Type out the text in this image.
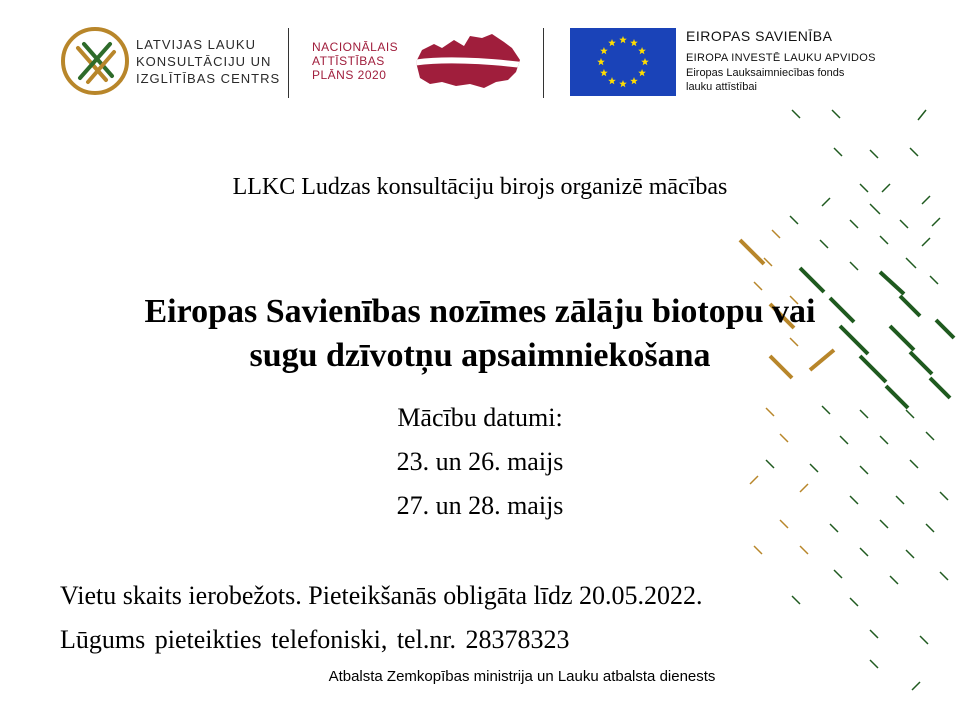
LATVIJAS LAUKU
KONSULTĀCIJU UN
IZGLĪTĪBAS CENTRS
NACIONĀLAIS
ATTĪSTĪBAS
PLĀNS 2020
EIROPAS SAVIENĪBA
EIROPA INVESTĒ LAUKU APVIDOS
Eiropas Lauksaimniecības fonds
lauku attīstībai
LLKC Ludzas konsultāciju birojs organizē mācības
Eiropas Savienības nozīmes zālāju biotopu vai
sugu dzīvotņu apsaimniekošana
Mācību datumi:
23. un 26. maijs
27. un 28. maijs
Vietu skaits ierobežots. Pieteikšanās obligāta līdz 20.05.2022.
Lūgums pieteikties telefoniski, tel.nr. 28378323
Atbalsta Zemkopības ministrija un Lauku atbalsta dienests
